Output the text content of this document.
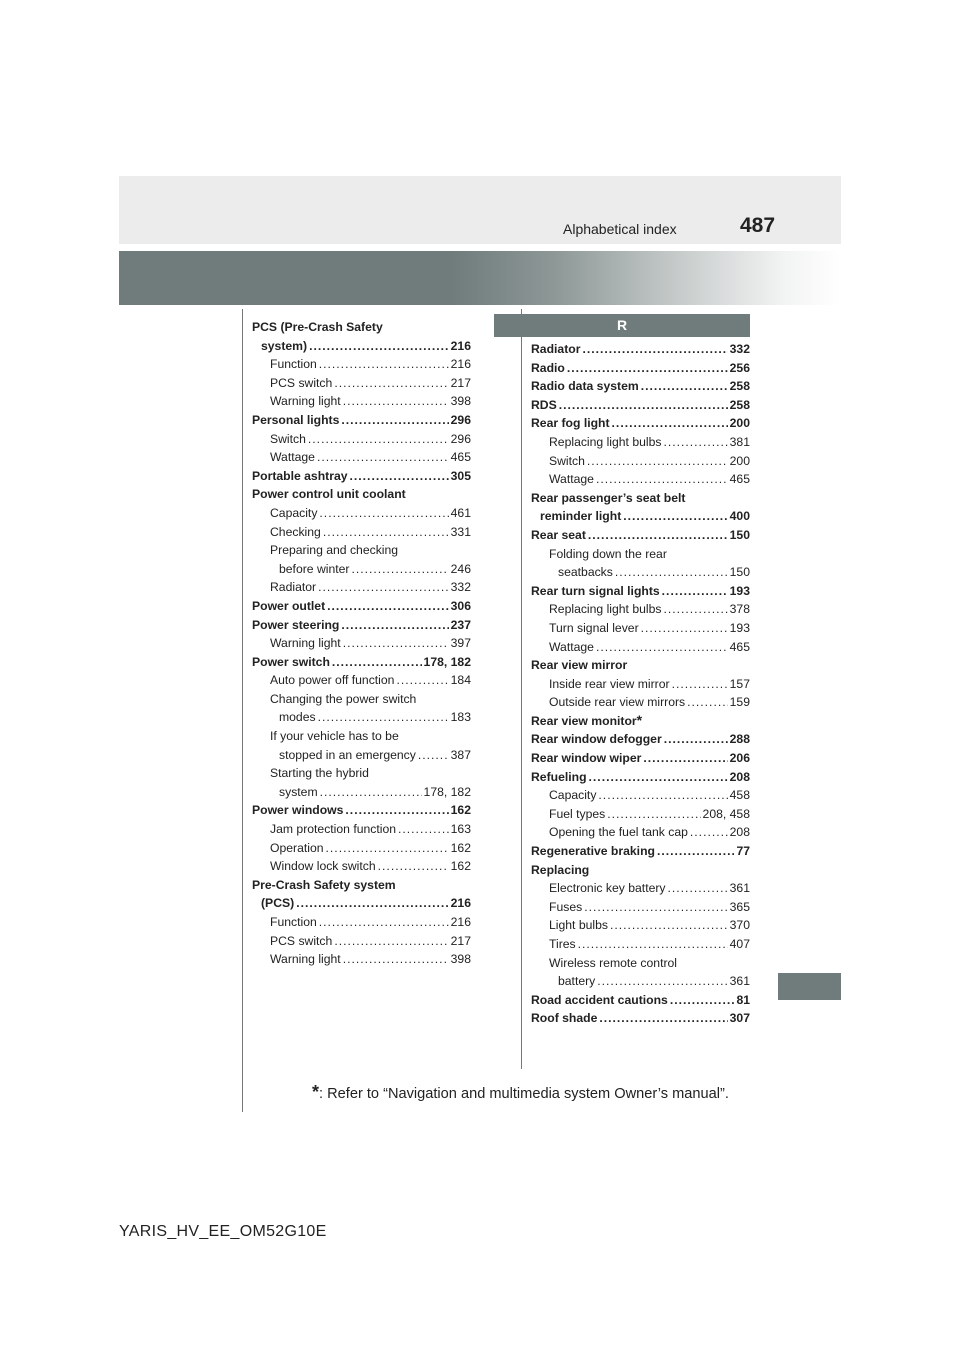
Alphabetical index	487
R
PCS (Pre-Crash Safety
system) .....	216
Function .....	216
PCS switch .....	217
Warning light .....	398
Personal lights .....	296
Switch .....	296
Wattage .....	465
Portable ashtray .....	305
Power control unit coolant
Capacity .....	461
Checking .....	331
Preparing and checking
before winter .....	246
Radiator .....	332
Power outlet .....	306
Power steering .....	237
Warning light .....	397
Power switch .....	178, 182
Auto power off function .....	184
Changing the power switch
modes .....	183
If your vehicle has to be
stopped in an emergency .....	387
Starting the hybrid
system .....	178, 182
Power windows .....	162
Jam protection function .....	163
Operation .....	162
Window lock switch .....	162
Pre-Crash Safety system
(PCS) .....	216
Function .....	216
PCS switch .....	217
Warning light .....	398
Radiator .....	332
Radio .....	256
Radio data system .....	258
RDS .....	258
Rear fog light .....	200
Replacing light bulbs .....	381
Switch .....	200
Wattage .....	465
Rear passenger’s seat belt
reminder light .....	400
Rear seat .....	150
Folding down the rear
seatbacks .....	150
Rear turn signal lights .....	193
Replacing light bulbs .....	378
Turn signal lever .....	193
Wattage .....	465
Rear view mirror
Inside rear view mirror .....	157
Outside rear view mirrors .....	159
Rear view monitor *
Rear window defogger .....	288
Rear window wiper .....	206
Refueling .....	208
Capacity .....	458
Fuel types .....	208, 458
Opening the fuel tank cap .....	208
Regenerative braking .....	77
Replacing
Electronic key battery .....	361
Fuses .....	365
Light bulbs .....	370
Tires .....	407
Wireless remote control
battery .....	361
Road accident cautions .....	81
Roof shade .....	307
*: Refer to “Navigation and multimedia system Owner’s manual”.
YARIS_HV_EE_OM52G10E
